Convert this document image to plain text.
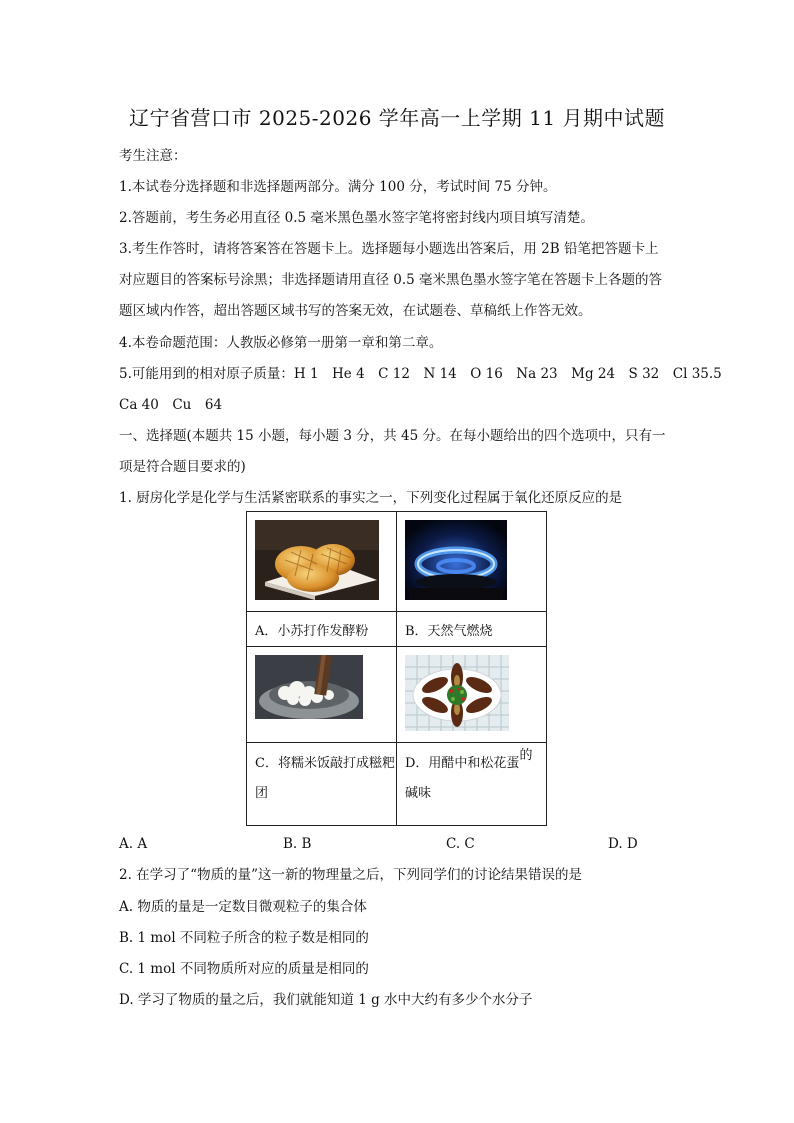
辽宁省营口市 2025-2026 学年高一上学期 11 月期中试题
考生注意：
1.本试卷分选择题和非选择题两部分。满分 100 分，考试时间 75 分钟。
2.答题前，考生务必用直径 0.5 毫米黑色墨水签字笔将密封线内项目填写清楚。
3.考生作答时，请将答案答在答题卡上。选择题每小题选出答案后，用 2B 铅笔把答题卡上
对应题目的答案标号涂黑；非选择题请用直径 0.5 毫米黑色墨水签字笔在答题卡上各题的答
题区域内作答，超出答题区域书写的答案无效，在试题卷、草稿纸上作答无效。
4.本卷命题范围：人教版必修第一册第一章和第二章。
5.可能用到的相对原子质量：H 1　He 4　C 12　N 14　O 16　Na 23　Mg 24　S 32　Cl 35.5
Ca 40　Cu　64
一、选择题(本题共 15 小题，每小题 3 分，共 45 分。在每小题给出的四个选项中，只有一
项是符合题目要求的)
1. 厨房化学是化学与生活紧密联系的事实之一，下列变化过程属于氧化还原反应的是

A．小苏打作发酵粉	B．天然气燃烧

C．将糯米饭敲打成糍粑团	D．用醋中和松花蛋的
碱味
A. A	B. B	C. C	D. D
2. 在学习了“物质的量”这一新的物理量之后，下列同学们的讨论结果错误的是
A. 物质的量是一定数目微观粒子的集合体
B. 1 mol 不同粒子所含的粒子数是相同的
C. 1 mol 不同物质所对应的质量是相同的
D. 学习了物质的量之后，我们就能知道 1 g 水中大约有多少个水分子
